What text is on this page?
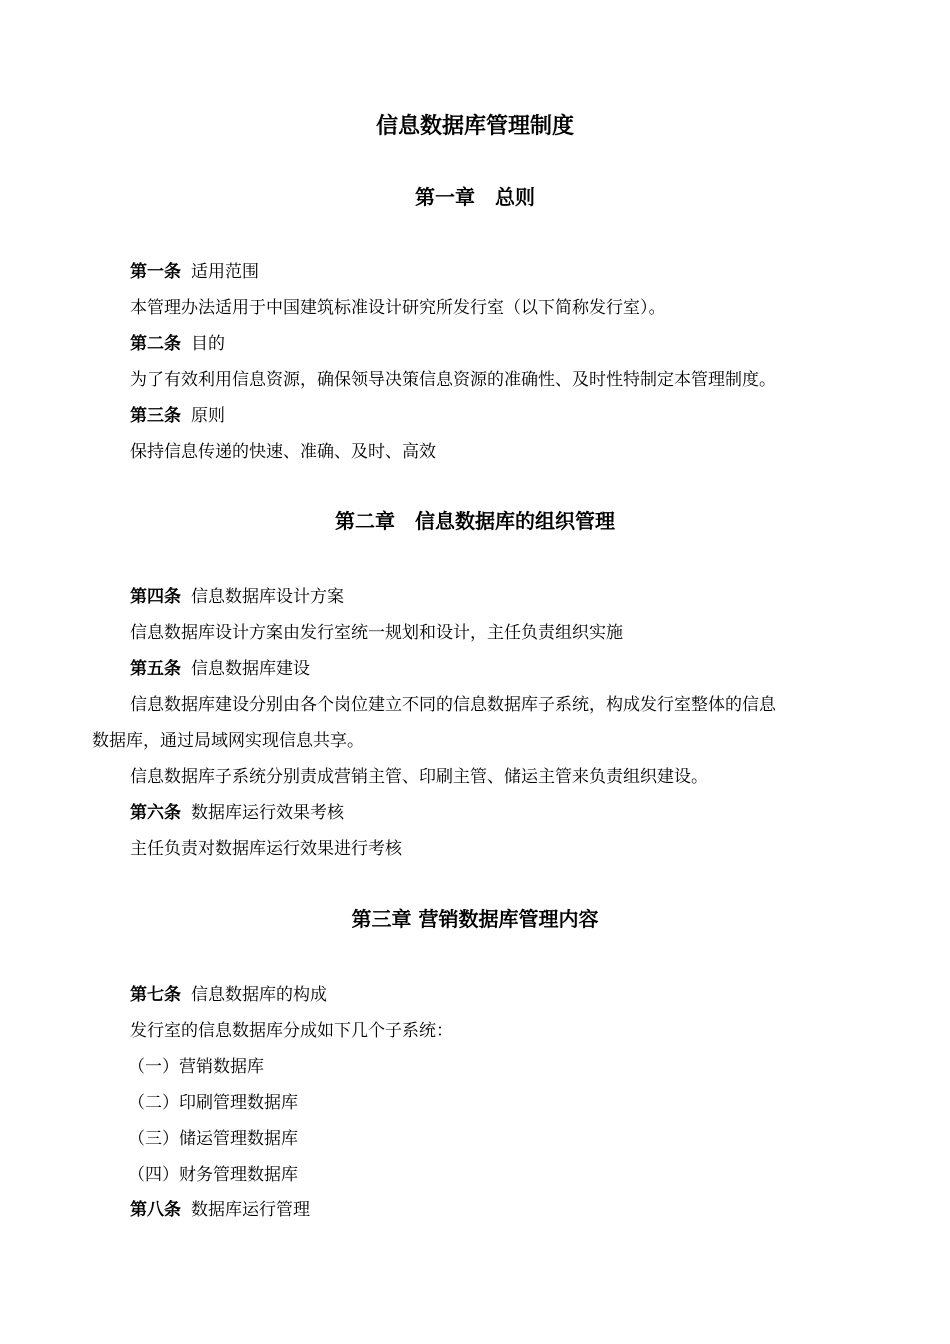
信息数据库管理制度
第一章　总则

第一条 适用范围

本管理办法适用于中国建筑标准设计研究所发行室（以下简称发行室）。

第二条 目的

为了有效利用信息资源，确保领导决策信息资源的准确性、及时性特制定本管理制度。

第三条 原则

保持信息传递的快速、准确、及时、高效

第二章　信息数据库的组织管理

第四条 信息数据库设计方案

信息数据库设计方案由发行室统一规划和设计，主任负责组织实施

第五条 信息数据库建设

信息数据库建设分别由各个岗位建立不同的信息数据库子系统，构成发行室整体的信息

数据库，通过局域网实现信息共享。

信息数据库子系统分别责成营销主管、印刷主管、储运主管来负责组织建设。

第六条 数据库运行效果考核

主任负责对数据库运行效果进行考核

第三章 营销数据库管理内容

第七条 信息数据库的构成

发行室的信息数据库分成如下几个子系统：

（一）营销数据库

（二）印刷管理数据库

（三）储运管理数据库

（四）财务管理数据库

第八条 数据库运行管理
